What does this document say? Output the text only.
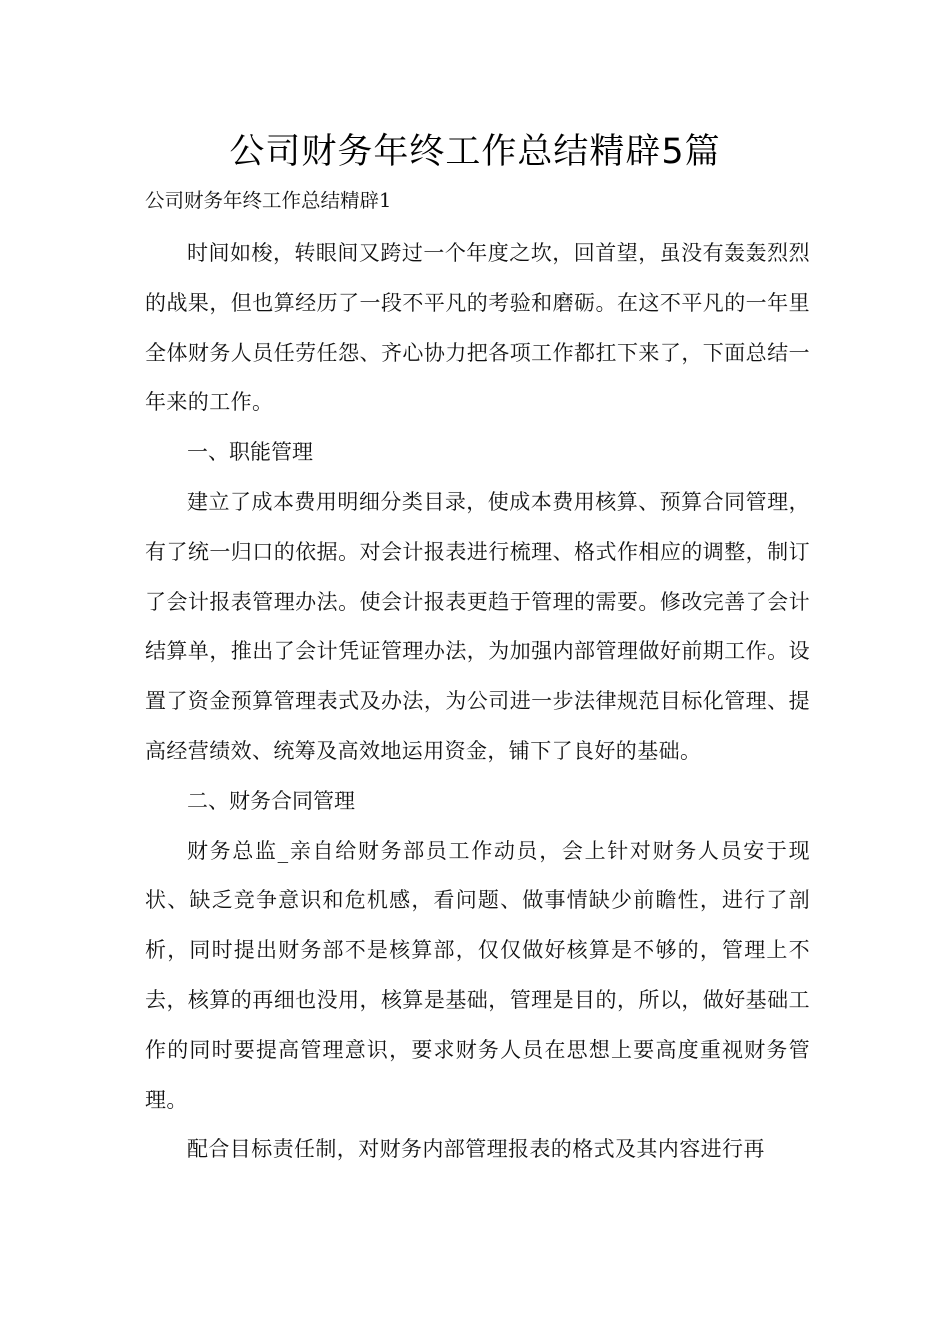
公司财务年终工作总结精辟5篇

公司财务年终工作总结精辟1

时间如梭，转眼间又跨过一个年度之坎，回首望，虽没有轰轰烈烈的战果，但也算经历了一段不平凡的考验和磨砺。在这不平凡的一年里全体财务人员任劳任怨、齐心协力把各项工作都扛下来了，下面总结一年来的工作。

一、职能管理

建立了成本费用明细分类目录，使成本费用核算、预算合同管理，有了统一归口的依据。对会计报表进行梳理、格式作相应的调整，制订了会计报表管理办法。使会计报表更趋于管理的需要。修改完善了会计结算单，推出了会计凭证管理办法，为加强内部管理做好前期工作。设置了资金预算管理表式及办法，为公司进一步法律规范目标化管理、提高经营绩效、统筹及高效地运用资金，铺下了良好的基础。

二、财务合同管理

财务总监_亲自给财务部员工作动员，会上针对财务人员安于现状、缺乏竞争意识和危机感，看问题、做事情缺少前瞻性，进行了剖析，同时提出财务部不是核算部，仅仅做好核算是不够的，管理上不去，核算的再细也没用，核算是基础，管理是目的，所以，做好基础工作的同时要提高管理意识，要求财务人员在思想上要高度重视财务管理。

配合目标责任制，对财务内部管理报表的格式及其内容进行再
